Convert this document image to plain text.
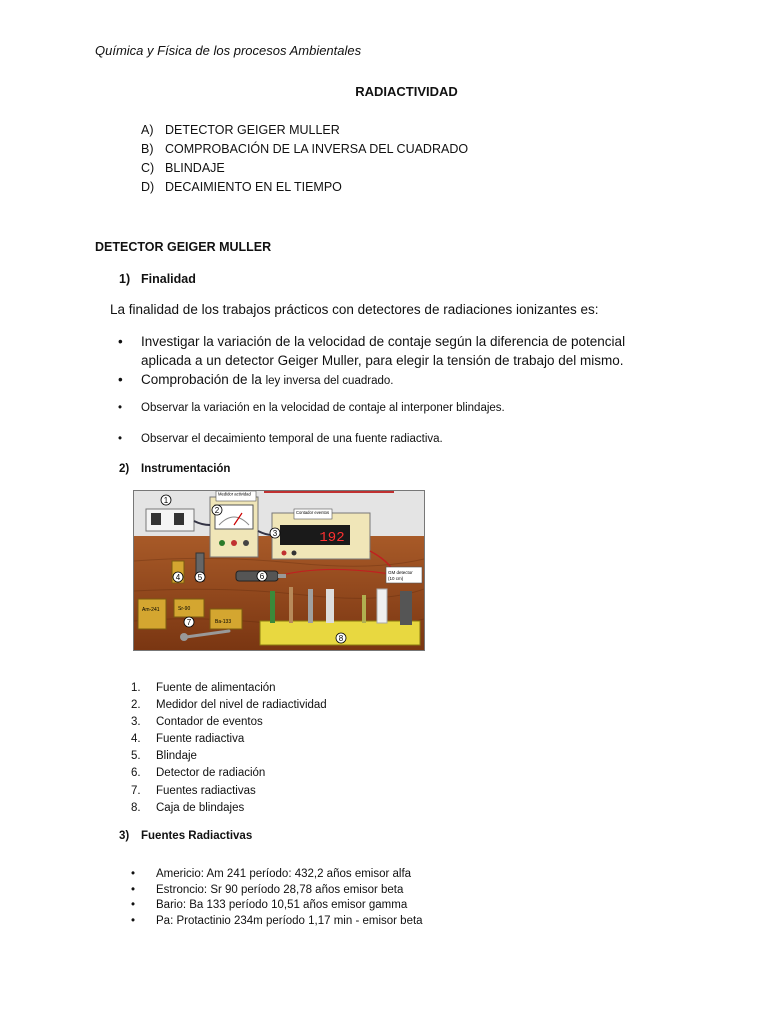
Química y Física de los procesos Ambientales
RADIACTIVIDAD
A) DETECTOR GEIGER MULLER
B) COMPROBACIÓN DE LA INVERSA DEL CUADRADO
C) BLINDAJE
D) DECAIMIENTO EN EL TIEMPO
DETECTOR GEIGER MULLER
1) Finalidad
La finalidad de los trabajos prácticos con detectores de radiaciones ionizantes es:
• Investigar la variación de la velocidad de contaje según la diferencia de potencial aplicada a un detector Geiger Muller, para elegir la tensión de trabajo del mismo.
• Comprobación de la ley inversa del cuadrado.
• Observar la variación en la velocidad de contaje al interponer blindajes.
• Observar el decaimiento temporal de una fuente radiactiva.
2) Instrumentación
Medidor actividad
192
Contador eventos
GM detector
(10 cm)
Am-241	Sr-90
Ba-133
1
2
3
4 5	6
7
8
1. Fuente de alimentación
2. Medidor del nivel de radiactividad
3. Contador de eventos
4. Fuente radiactiva
5. Blindaje
6. Detector de radiación
7. Fuentes radiactivas
8. Caja de blindajes
3) Fuentes Radiactivas
• Americio: Am 241 período: 432,2 años emisor alfa
• Estroncio: Sr 90 período 28,78 años emisor beta
• Bario: Ba 133 período 10,51 años emisor gamma
• Pa: Protactinio 234m período 1,17 min - emisor beta
